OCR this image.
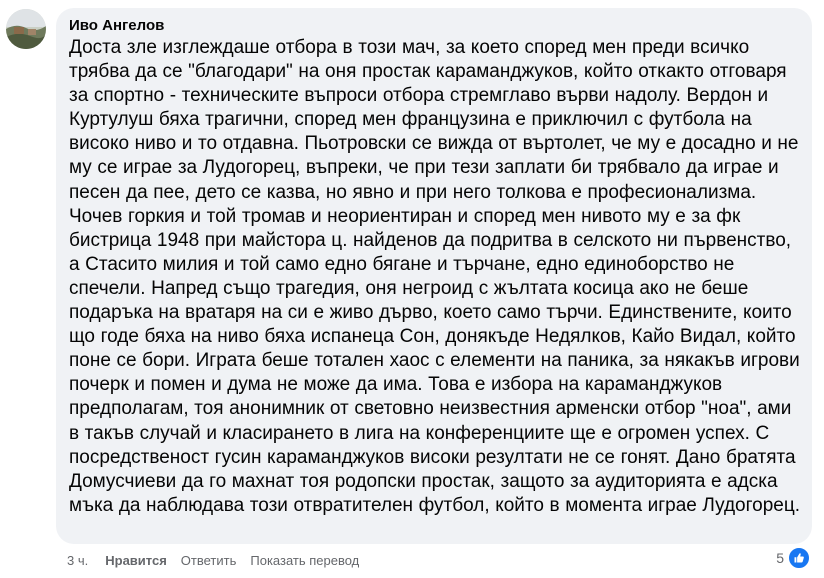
Иво Ангелов
Доста зле изглеждаше отбора в този мач, за което според мен преди всичко трябва да се "благодари" на оня простак караманджуков, който откакто отговаря за спортно - техническите въпроси отбора стремглаво върви надолу. Вердон и Куртулуш бяха трагични, според мен французина е приключил с футбола на високо ниво и то отдавна. Пьотровски се вижда от въртолет, че му е досадно и не му се играе за Лудогорец, въпреки, че при тези заплати би трябвало да играе и песен да пее, дето се казва, но явно и при него толкова е професионализма. Чочев горкия и той тромав и неориентиран и според мен нивото му е за фк бистрица 1948 при майстора ц. найденов да подритва в селското ни първенство, а Стасито милия и той само едно бягане и търчане, едно единоборство не спечели. Напред също трагедия, оня негроид с жълтата косица ако не беше подаръка на вратаря на си е живо дърво, което само търчи. Единствените, които що годе бяха на ниво бяха испанеца Сон, донякъде Недялков, Кайо Видал, който поне се бори. Играта беше тотален хаос с елементи на паника, за някакъв игрови почерк и помен и дума не може да има. Това е избора на караманджуков предполагам, тоя анонимник от световно неизвестния арменски отбор "ноа", ами в такъв случай и класирането в лига на конференциите ще е огромен успех. С посредственост гусин караманджуков високи резултати не се гонят. Дано братята Домусчиеви да го махнат тоя родопски простак, защото за аудиторията е адска мъка да наблюдава този отвратителен футбол, който в момента играе Лудогорец.
3 ч. Нравится Ответить Показать перевод	5
